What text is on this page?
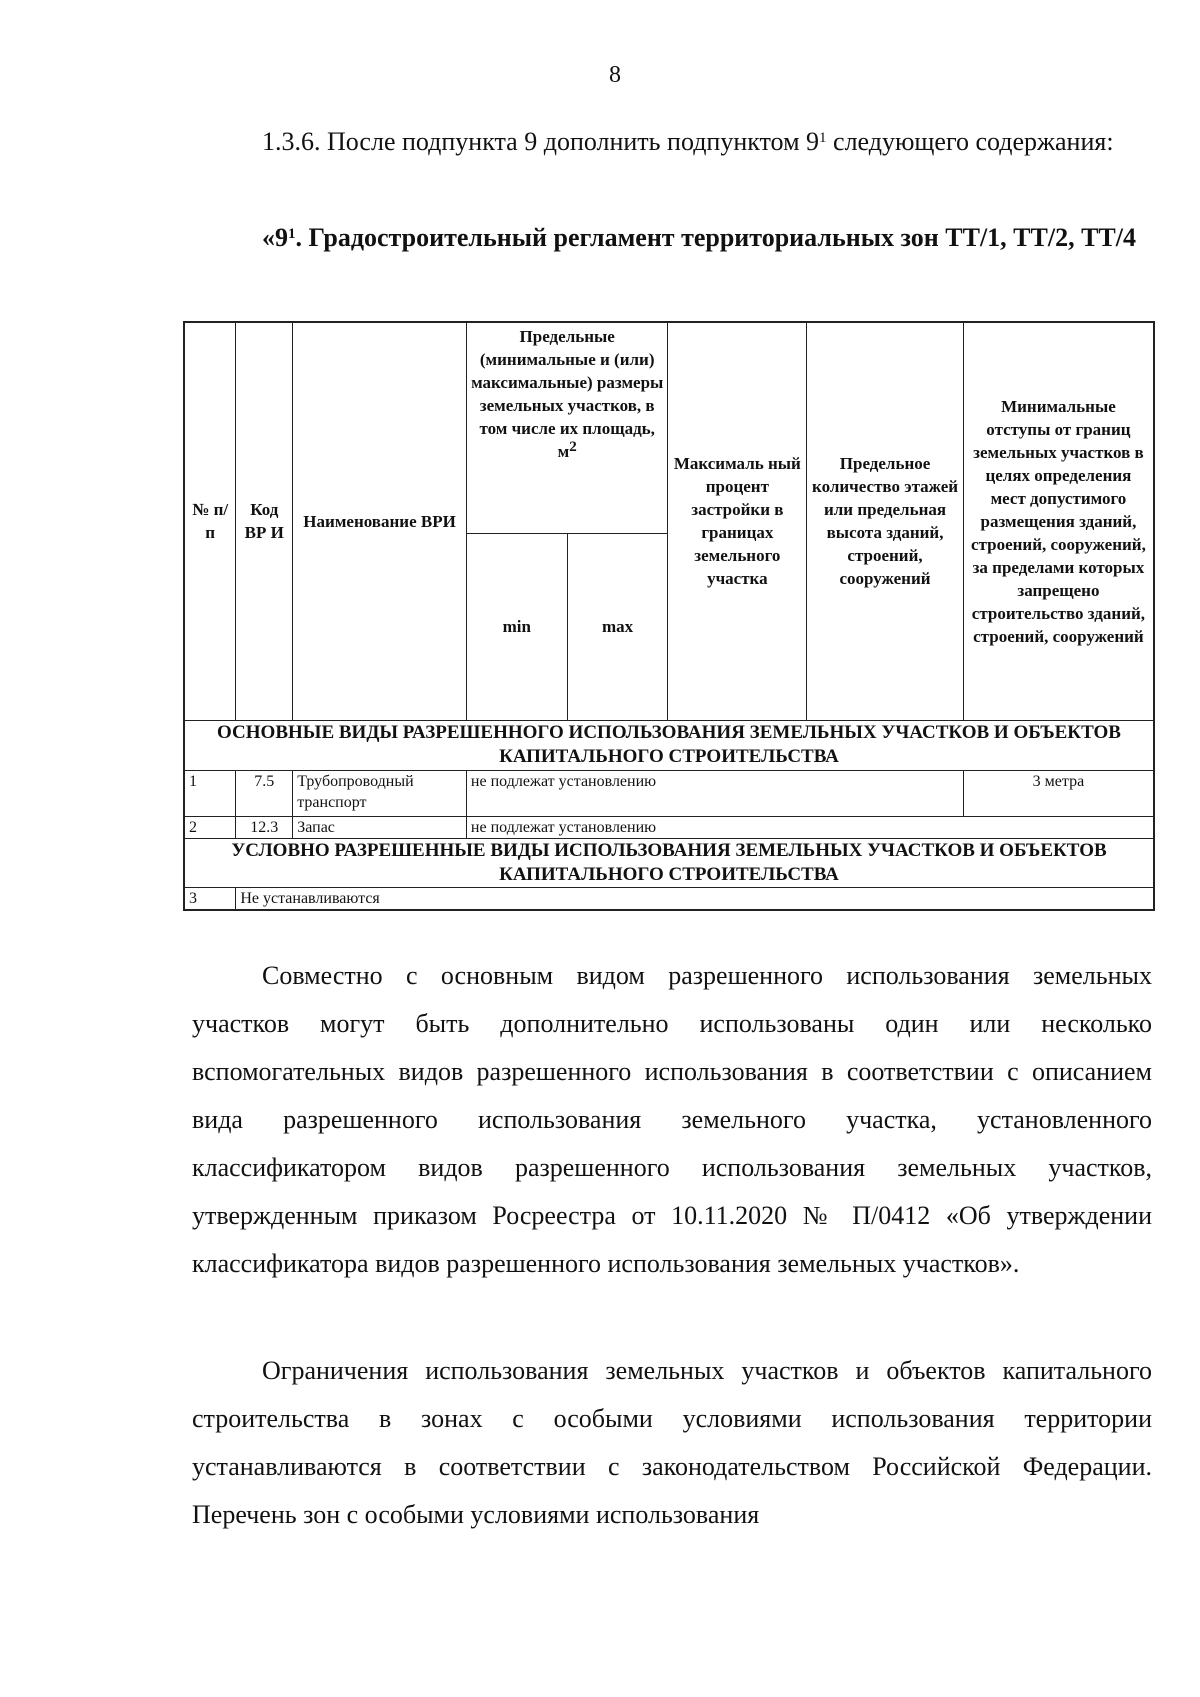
8
1.3.6. После подпункта 9 дополнить подпунктом $9^1$ следующего содержания:
«$9^1$. Градостроительный регламент территориальных зон ТТ/1, ТТ/2, ТТ/4
№ п/п	Код ВР И	Наименование ВРИ	Предельные (минимальные и (или) максимальные) размеры земельных участков, в том числе их площадь, $м^2$		Максималь ный процент застройки в границах земельного участка	Предельное количество этажей или предельная высота зданий, строений, сооружений	Минимальные отступы от границ земельных участков в целях определения мест допустимого размещения зданий, строений, сооружений, за пределами которых запрещено строительство зданий, строений, сооружений
			min	max			
ОСНОВНЫЕ ВИДЫ РАЗРЕШЕННОГО ИСПОЛЬЗОВАНИЯ ЗЕМЕЛЬНЫХ УЧАСТКОВ И ОБЪЕКТОВ КАПИТАЛЬНОГО СТРОИТЕЛЬСТВА							
1	7.5	Трубопроводный транспорт	не подлежат установлению				3 метра
2	12.3	Запас	не подлежат установлению				
УСЛОВНО РАЗРЕШЕННЫЕ ВИДЫ ИСПОЛЬЗОВАНИЯ ЗЕМЕЛЬНЫХ УЧАСТКОВ И ОБЪЕКТОВ КАПИТАЛЬНОГО СТРОИТЕЛЬСТВА							
3	Не устанавливаются						
Совместно с основным видом разрешенного использования земельных участков могут быть дополнительно использованы один или несколько вспомогательных видов разрешенного использования в соответствии с описанием вида разрешенного использования земельного участка, установленного классификатором видов разрешенного использования земельных участков, утвержденным приказом Росреестра от 10.11.2020 № П/0412 «Об утверждении классификатора видов разрешенного использования земельных участков».
Ограничения использования земельных участков и объектов капитального строительства в зонах с особыми условиями использования территории устанавливаются в соответствии с законодательством Российской Федерации. Перечень зон с особыми условиями использования
